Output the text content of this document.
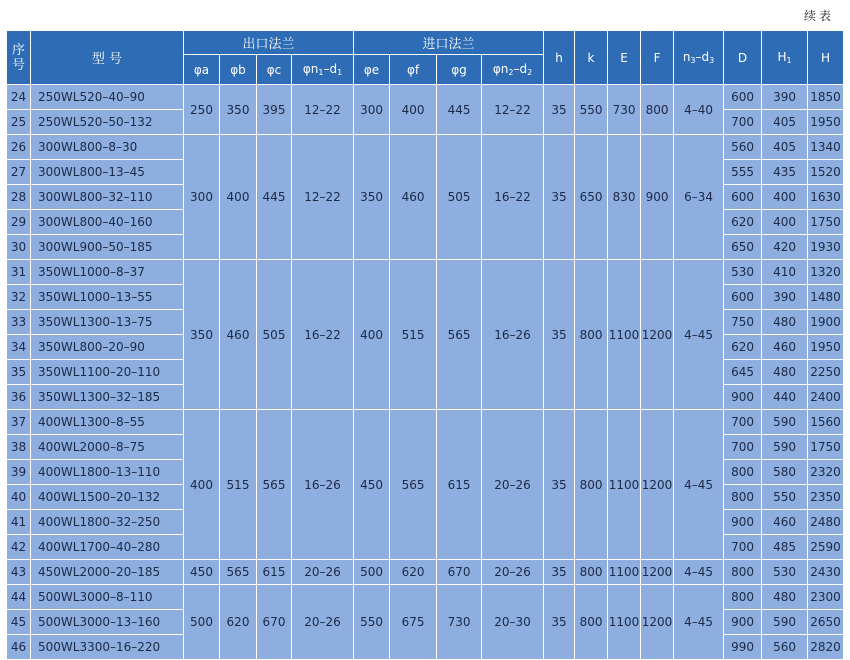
续表
序号	型 号	出口法兰				进口法兰				h	k	E	F	$n_3-d_3$	D	$H_1$	H
		φa	φb	φc	$\varphi n_1-d_1$	φe	φf	φg	$\varphi n_2-d_2$
24	250WL520–40–90	250	350	395	12–22	300	400	445	12–22	35	550	730	800	4–40	600	390	1850
25	250WL520–50–132														700	405	1950
26	300WL800–8–30	300	400	445	12–22	350	460	505	16–22	35	650	830	900	6–34	560	405	1340
27	300WL800–13–45														555	435	1520
28	300WL800–32–110														600	400	1630
29	300WL800–40–160														620	400	1750
30	300WL900–50–185														650	420	1930
31	350WL1000–8–37	350	460	505	16–22	400	515	565	16–26	35	800	1100	1200	4–45	530	410	1320
32	350WL1000–13–55														600	390	1480
33	350WL1300–13–75														750	480	1900
34	350WL800–20–90														620	460	1950
35	350WL1100–20–110														645	480	2250
36	350WL1300–32–185														900	440	2400
37	400WL1300–8–55	400	515	565	16–26	450	565	615	20–26	35	800	1100	1200	4–45	700	590	1560
38	400WL2000–8–75														700	590	1750
39	400WL1800–13–110														800	580	2320
40	400WL1500–20–132														800	550	2350
41	400WL1800–32–250														900	460	2480
42	400WL1700–40–280														700	485	2590
43	450WL2000–20–185	450	565	615	20–26	500	620	670	20–26	35	800	1100	1200	4–45	800	530	2430
44	500WL3000–8–110	500	620	670	20–26	550	675	730	20–30	35	800	1100	1200	4–45	800	480	2300
45	500WL3000–13–160														900	590	2650
46	500WL3300–16–220														990	560	2820
